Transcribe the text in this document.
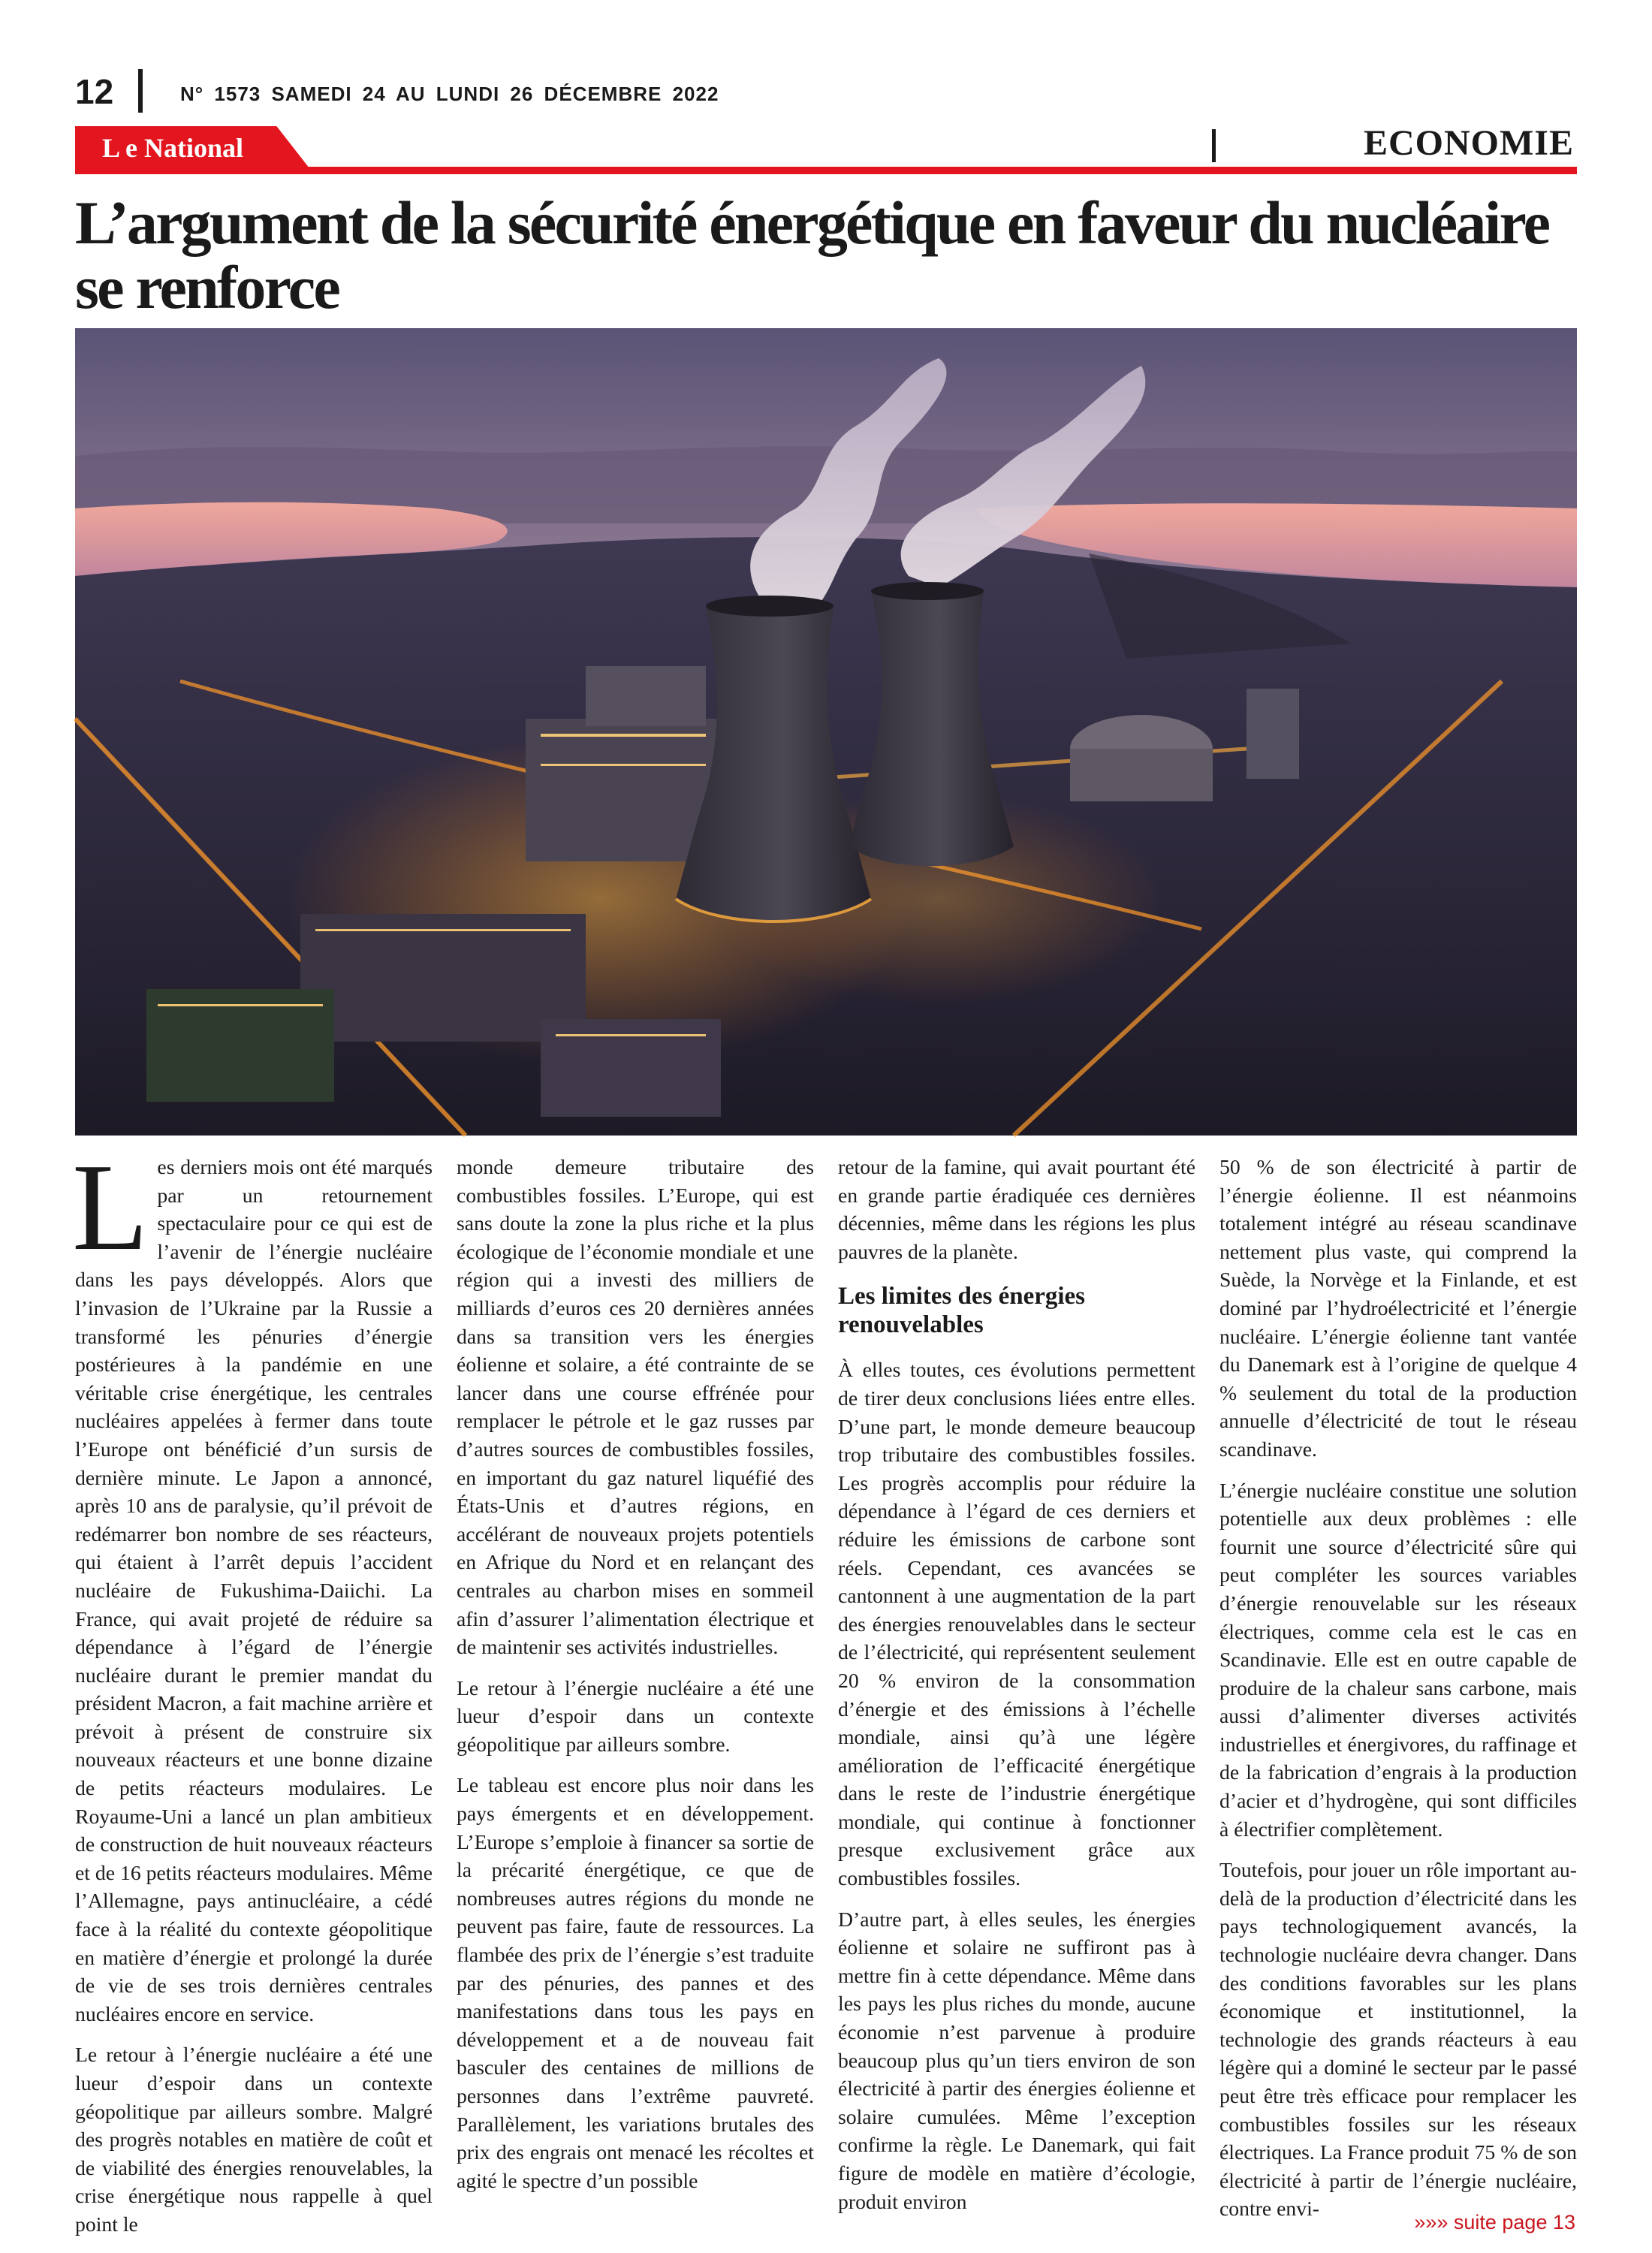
12	N° 1573 SAMEDI 24 AU LUNDI 26 DÉCEMBRE 2022
L e National	ECONOMIE
L’argument de la sécurité énergétique en faveur du nucléaire se renforce

Les derniers mois ont été marqués par un retournement spectaculaire pour ce qui est de l’avenir de l’énergie nucléaire dans les pays développés. Alors que l’invasion de l’Ukraine par la Russie a transformé les pénuries d’énergie postérieures à la pandémie en une véritable crise énergétique, les centrales nucléaires appelées à fermer dans toute l’Europe ont bénéficié d’un sursis de dernière minute. Le Japon a annoncé, après 10 ans de paralysie, qu’il prévoit de redémarrer bon nombre de ses réacteurs, qui étaient à l’arrêt depuis l’accident nucléaire de Fukushima-Daiichi. La France, qui avait projeté de réduire sa dépendance à l’égard de l’énergie nucléaire durant le premier mandat du président Macron, a fait machine arrière et prévoit à présent de construire six nouveaux réacteurs et une bonne dizaine de petits réacteurs modulaires. Le Royaume-Uni a lancé un plan ambitieux de construction de huit nouveaux réacteurs et de 16 petits réacteurs modulaires. Même l’Allemagne, pays antinucléaire, a cédé face à la réalité du contexte géopolitique en matière d’énergie et prolongé la durée de vie de ses trois dernières centrales nucléaires encore en service.

Le retour à l’énergie nucléaire a été une lueur d’espoir dans un contexte géopolitique par ailleurs sombre. Malgré des progrès notables en matière de coût et de viabilité des énergies renouvelables, la crise énergétique nous rappelle à quel point le

monde demeure tributaire des combustibles fossiles. L’Europe, qui est sans doute la zone la plus riche et la plus écologique de l’économie mondiale et une région qui a investi des milliers de milliards d’euros ces 20 dernières années dans sa transition vers les énergies éolienne et solaire, a été contrainte de se lancer dans une course effrénée pour remplacer le pétrole et le gaz russes par d’autres sources de combustibles fossiles, en important du gaz naturel liquéfié des États-Unis et d’autres régions, en accélérant de nouveaux projets potentiels en Afrique du Nord et en relançant des centrales au charbon mises en sommeil afin d’assurer l’alimentation électrique et de maintenir ses activités industrielles.

Le retour à l’énergie nucléaire a été une lueur d’espoir dans un contexte géopolitique par ailleurs sombre.

Le tableau est encore plus noir dans les pays émergents et en développement. L’Europe s’emploie à financer sa sortie de la précarité énergétique, ce que de nombreuses autres régions du monde ne peuvent pas faire, faute de ressources. La flambée des prix de l’énergie s’est traduite par des pénuries, des pannes et des manifestations dans tous les pays en développement et a de nouveau fait basculer des centaines de millions de personnes dans l’extrême pauvreté. Parallèlement, les variations brutales des prix des engrais ont menacé les récoltes et agité le spectre d’un possible

retour de la famine, qui avait pourtant été en grande partie éradiquée ces dernières décennies, même dans les régions les plus pauvres de la planète.

Les limites des énergies renouvelables

À elles toutes, ces évolutions permettent de tirer deux conclusions liées entre elles. D’une part, le monde demeure beaucoup trop tributaire des combustibles fossiles. Les progrès accomplis pour réduire la dépendance à l’égard de ces derniers et réduire les émissions de carbone sont réels. Cependant, ces avancées se cantonnent à une augmentation de la part des énergies renouvelables dans le secteur de l’électricité, qui représentent seulement 20 % environ de la consommation d’énergie et des émissions à l’échelle mondiale, ainsi qu’à une légère amélioration de l’efficacité énergétique dans le reste de l’industrie énergétique mondiale, qui continue à fonctionner presque exclusivement grâce aux combustibles fossiles.

D’autre part, à elles seules, les énergies éolienne et solaire ne suffiront pas à mettre fin à cette dépendance. Même dans les pays les plus riches du monde, aucune économie n’est parvenue à produire beaucoup plus qu’un tiers environ de son électricité à partir des énergies éolienne et solaire cumulées. Même l’exception confirme la règle. Le Danemark, qui fait figure de modèle en matière d’écologie, produit environ

50 % de son électricité à partir de l’énergie éolienne. Il est néanmoins totalement intégré au réseau scandinave nettement plus vaste, qui comprend la Suède, la Norvège et la Finlande, et est dominé par l’hydroélectricité et l’énergie nucléaire. L’énergie éolienne tant vantée du Danemark est à l’origine de quelque 4 % seulement du total de la production annuelle d’électricité de tout le réseau scandinave.

L’énergie nucléaire constitue une solution potentielle aux deux problèmes : elle fournit une source d’électricité sûre qui peut compléter les sources variables d’énergie renouvelable sur les réseaux électriques, comme cela est le cas en Scandinavie. Elle est en outre capable de produire de la chaleur sans carbone, mais aussi d’alimenter diverses activités industrielles et énergivores, du raffinage et de la fabrication d’engrais à la production d’acier et d’hydrogène, qui sont difficiles à électrifier complètement.

Toutefois, pour jouer un rôle important au-delà de la production d’électricité dans les pays technologiquement avancés, la technologie nucléaire devra changer. Dans des conditions favorables sur les plans économique et institutionnel, la technologie des grands réacteurs à eau légère qui a dominé le secteur par le passé peut être très efficace pour remplacer les combustibles fossiles sur les réseaux électriques. La France produit 75 % de son électricité à partir de l’énergie nucléaire, contre envi-

»»» suite page 13
